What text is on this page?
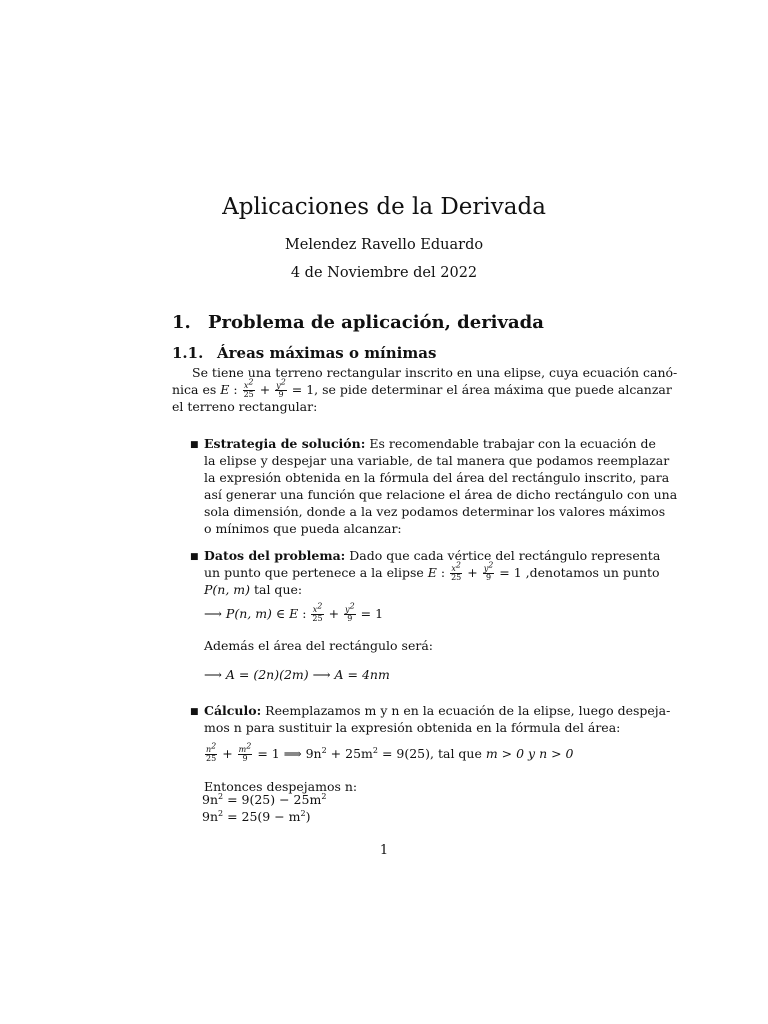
Aplicaciones de la Derivada
Melendez Ravello Eduardo
4 de Noviembre del 2022
1. Problema de aplicación, derivada
1.1. Áreas máximas o mínimas
Se tiene una terreno rectangular inscrito en una elipse, cuya ecuación canó-
nica es E : $\frac{x^2}{25} + \frac{y^2}{9} = 1$, se pide determinar el área máxima que puede alcanzar
el terreno rectangular:
■ Estrategia de solución: Es recomendable trabajar con la ecuación de
la elipse y despejar una variable, de tal manera que podamos reemplazar
la expresión obtenida en la fórmula del área del rectángulo inscrito, para
así generar una función que relacione el área de dicho rectángulo con una
sola dimensión, donde a la vez podamos determinar los valores máximos
o mínimos que pueda alcanzar:
■ Datos del problema: Dado que cada vértice del rectángulo representa
un punto que pertenece a la elipse E : $\frac{x^2}{25} + \frac{y^2}{9} = 1$ ,denotamos un punto
P(n, m) tal que:
⟶ P(n, m) ∈ E : $\frac{x^2}{25} + \frac{y^2}{9} = 1$
Además el área del rectángulo será:
⟶ A = (2n)(2m) ⟶ A = 4nm
■ Cálculo: Reemplazamos m y n en la ecuación de la elipse, luego despeja-
mos n para sustituir la expresión obtenida en la fórmula del área:
$\frac{n^2}{25} + \frac{m^2}{9} = 1$ ⟹ $9n^2 + 25m^2 = 9(25)$, tal que m > 0 y n > 0
Entonces despejamos n:
$9n^2 = 9(25) - 25m^2$
$9n^2 = 25(9 - m^2)$
1
